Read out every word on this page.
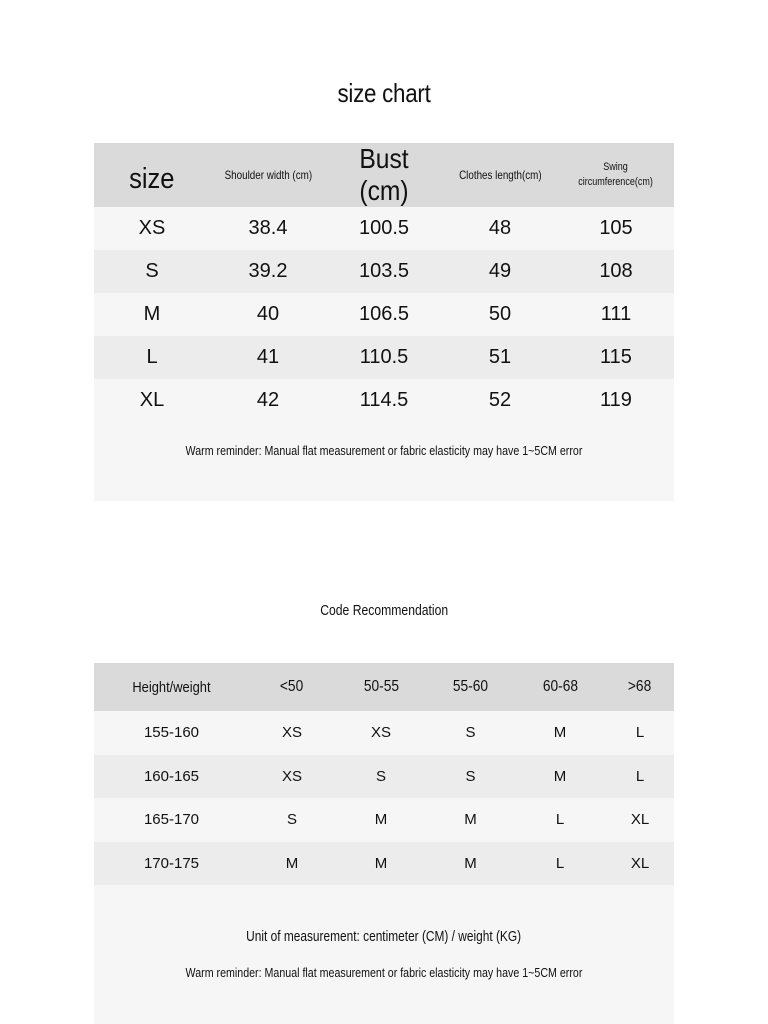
size chart
size	Shoulder width (cm)	Bust (cm)	Clothes length(cm)	Swing
circumference(cm)
XS	38.4	100.5	48	105
S	39.2	103.5	49	108
M	40	106.5	50	111
L	41	110.5	51	115
XL	42	114.5	52	119
Warm reminder: Manual flat measurement or fabric elasticity may have 1~5CM error
Code Recommendation
Height/weight	<50	50-55	55-60	60-68	>68
155-160	XS	XS	S	M	L
160-165	XS	S	S	M	L
165-170	S	M	M	L	XL
170-175	M	M	M	L	XL
Unit of measurement: centimeter (CM) / weight (KG)
Warm reminder: Manual flat measurement or fabric elasticity may have 1~5CM error
